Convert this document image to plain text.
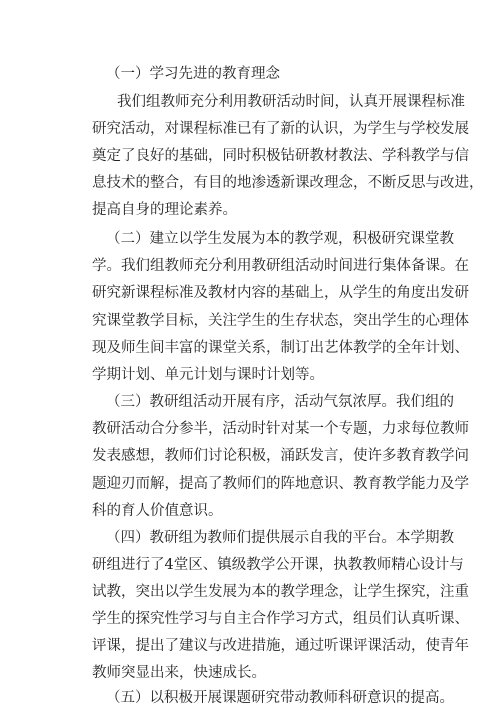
（一）学习先进的教育理念
我们组教师充分利用教研活动时间，认真开展课程标准
研究活动，对课程标准已有了新的认识，为学生与学校发展
奠定了良好的基础，同时积极钻研教材教法、学科教学与信
息技术的整合，有目的地渗透新课改理念，不断反思与改进，
提高自身的理论素养。
（二）建立以学生发展为本的教学观，积极研究课堂教
学。我们组教师充分利用教研组活动时间进行集体备课。在
研究新课程标准及教材内容的基础上，从学生的角度出发研
究课堂教学目标，关注学生的生存状态，突出学生的心理体
现及师生间丰富的课堂关系，制订出艺体教学的全年计划、
学期计划、单元计划与课时计划等。
（三）教研组活动开展有序，活动气氛浓厚。我们组的
教研活动合分参半，活动时针对某一个专题，力求每位教师
发表感想，教师们讨论积极，涌跃发言，使许多教育教学问
题迎刃而解，提高了教师们的阵地意识、教育教学能力及学
科的育人价值意识。
（四）教研组为教师们提供展示自我的平台。本学期教
研组进行了4堂区、镇级教学公开课，执教教师精心设计与
试教，突出以学生发展为本的教学理念，让学生探究，注重
学生的探究性学习与自主合作学习方式，组员们认真听课、
评课，提出了建议与改进措施，通过听课评课活动，使青年
教师突显出来，快速成长。
（五）以积极开展课题研究带动教师科研意识的提高。
